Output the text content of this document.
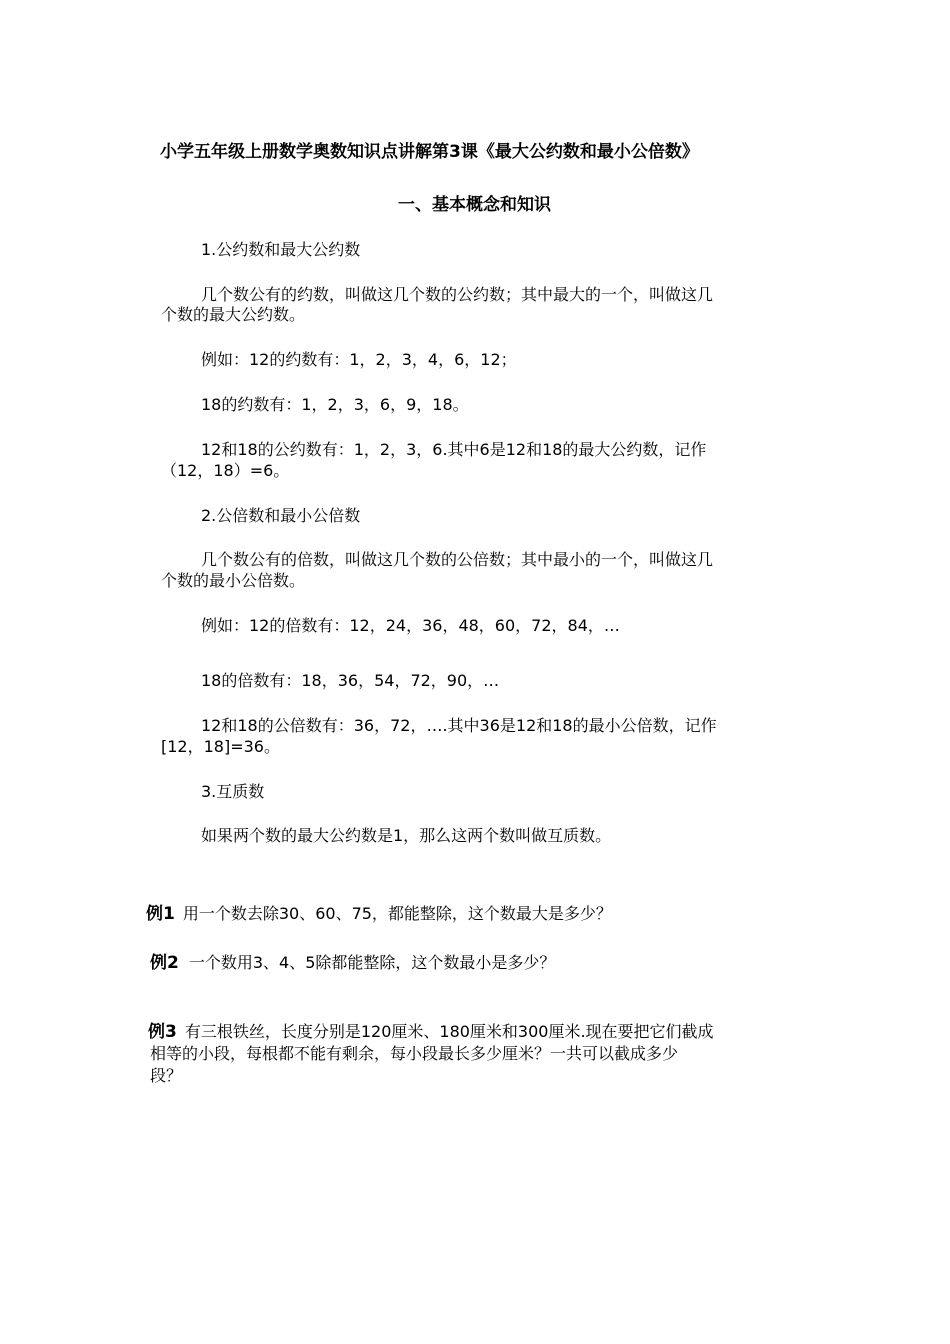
小学五年级上册数学奥数知识点讲解第3课《最大公约数和最小公倍数》
一、基本概念和知识
1.公约数和最大公约数
几个数公有的约数，叫做这几个数的公约数；其中最大的一个，叫做这几
个数的最大公约数。
例如：12的约数有：1，2，3，4，6，12；
18的约数有：1，2，3，6，9，18。
12和18的公约数有：1，2，3，6.其中6是12和18的最大公约数，记作
（12，18）=6。
2.公倍数和最小公倍数
几个数公有的倍数，叫做这几个数的公倍数；其中最小的一个，叫做这几
个数的最小公倍数。
例如：12的倍数有：12，24，36，48，60，72，84，…
18的倍数有：18，36，54，72，90，…
12和18的公倍数有：36，72，….其中36是12和18的最小公倍数，记作
[12，18]=36。
3.互质数
如果两个数的最大公约数是1，那么这两个数叫做互质数。
例1 用一个数去除30、60、75，都能整除，这个数最大是多少？
例2 一个数用3、4、5除都能整除，这个数最小是多少？
例3 有三根铁丝，长度分别是120厘米、180厘米和300厘米.现在要把它们截成
相等的小段，每根都不能有剩余，每小段最长多少厘米？一共可以截成多少
段？
